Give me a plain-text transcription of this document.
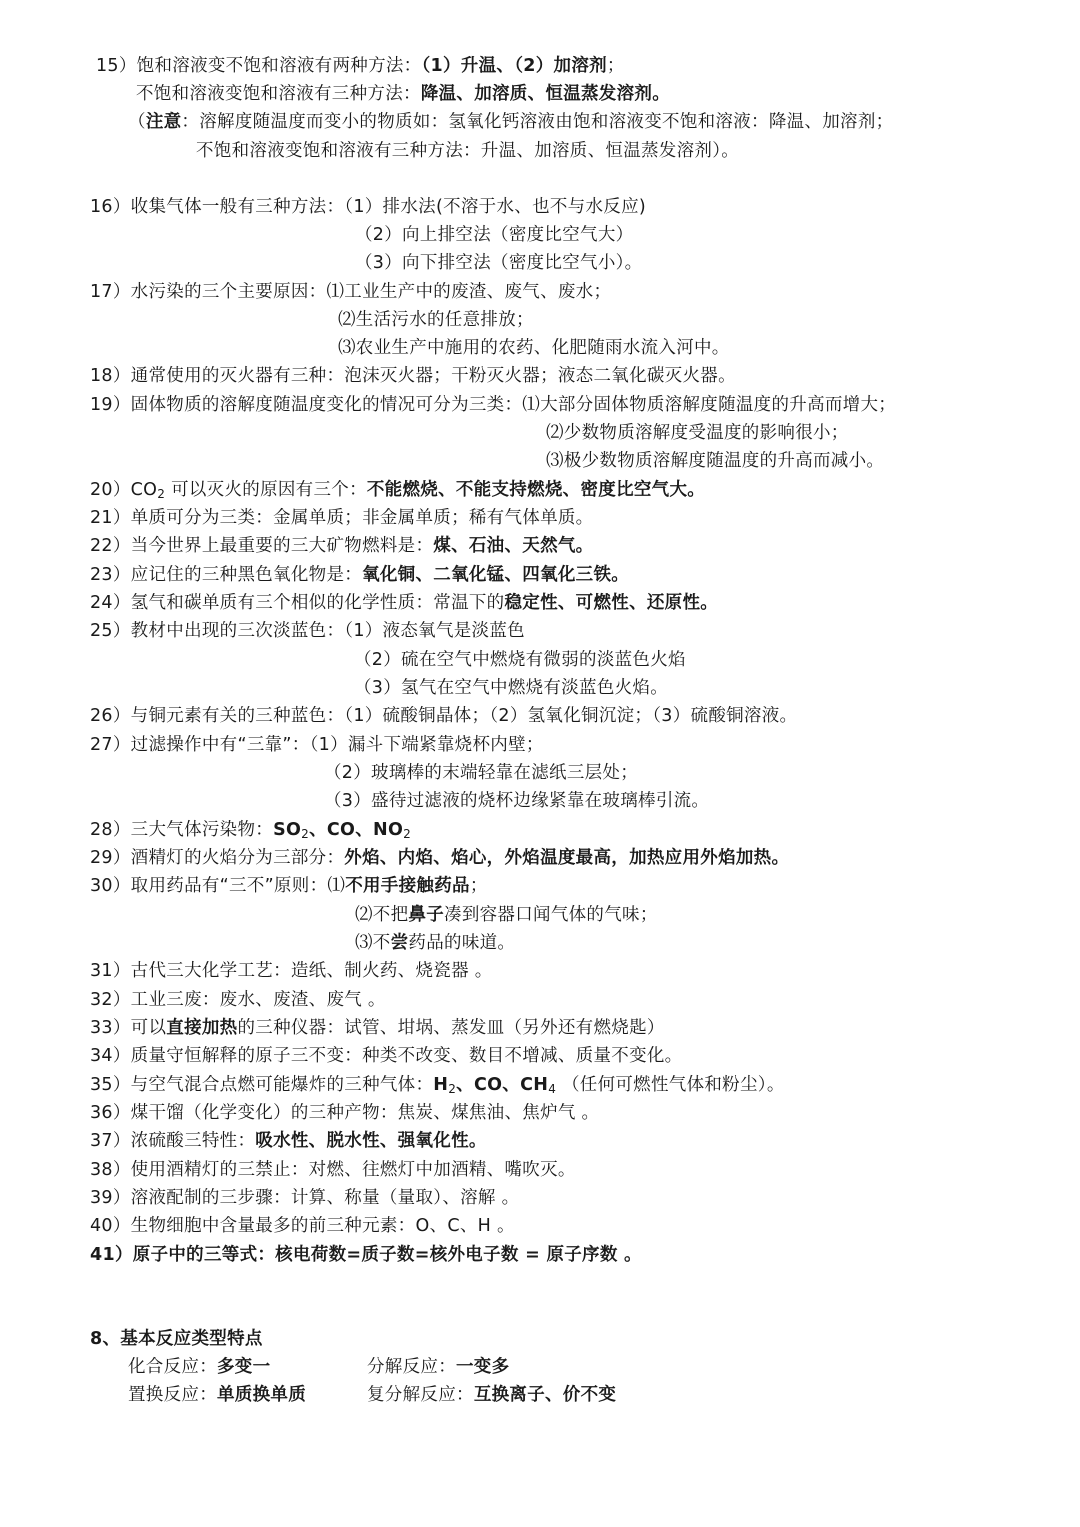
15）饱和溶液变不饱和溶液有两种方法：（1）升温、（2）加溶剂；
不饱和溶液变饱和溶液有三种方法：降温、加溶质、恒温蒸发溶剂。
（注意：溶解度随温度而变小的物质如：氢氧化钙溶液由饱和溶液变不饱和溶液：降温、加溶剂；
不饱和溶液变饱和溶液有三种方法：升温、加溶质、恒温蒸发溶剂）。
16）收集气体一般有三种方法：（1）排水法(不溶于水、也不与水反应)
（2）向上排空法（密度比空气大）
（3）向下排空法（密度比空气小）。
17）水污染的三个主要原因：⑴工业生产中的废渣、废气、废水；
⑵生活污水的任意排放；
⑶农业生产中施用的农药、化肥随雨水流入河中。
18）通常使用的灭火器有三种：泡沫灭火器；干粉灭火器；液态二氧化碳灭火器。
19）固体物质的溶解度随温度变化的情况可分为三类：⑴大部分固体物质溶解度随温度的升高而增大；
⑵少数物质溶解度受温度的影响很小；
⑶极少数物质溶解度随温度的升高而减小。
$20)CO_2$ 可以灭火的原因有三个：不能燃烧、不能支持燃烧、密度比空气大。
21）单质可分为三类：金属单质；非金属单质；稀有气体单质。
22）当今世界上最重要的三大矿物燃料是：煤、石油、天然气。
23）应记住的三种黑色氧化物是：氧化铜、二氧化锰、四氧化三铁。
24）氢气和碳单质有三个相似的化学性质：常温下的稳定性、可燃性、还原性。
25）教材中出现的三次淡蓝色：（1）液态氧气是淡蓝色
（2）硫在空气中燃烧有微弱的淡蓝色火焰
（3）氢气在空气中燃烧有淡蓝色火焰。
26）与铜元素有关的三种蓝色：（1）硫酸铜晶体；（2）氢氧化铜沉淀；（3）硫酸铜溶液。
27）过滤操作中有“三靠”：（1）漏斗下端紧靠烧杯内壁；
（2）玻璃棒的末端轻靠在滤纸三层处；
（3）盛待过滤液的烧杯边缘紧靠在玻璃棒引流。
28）三大气体污染物：$SO_2$、CO、$NO_2$
29）酒精灯的火焰分为三部分：外焰、内焰、焰心，外焰温度最高，加热应用外焰加热。
30）取用药品有“三不”原则：⑴不用手接触药品；
⑵不把鼻子凑到容器口闻气体的气味；
⑶不尝药品的味道。
31）古代三大化学工艺：造纸、制火药、烧瓷器 。
32）工业三废：废水、废渣、废气 。
33）可以直接加热的三种仪器：试管、坩埚、蒸发皿（另外还有燃烧匙）
34）质量守恒解释的原子三不变：种类不改变、数目不增减、质量不变化。
35）与空气混合点燃可能爆炸的三种气体：$H_2$、CO、$CH_4$ （任何可燃性气体和粉尘）。
36）煤干馏（化学变化）的三种产物：焦炭、煤焦油、焦炉气 。
37）浓硫酸三特性：吸水性、脱水性、强氧化性。
38）使用酒精灯的三禁止：对燃、往燃灯中加酒精、嘴吹灭。
39）溶液配制的三步骤：计算、称量（量取）、溶解 。
40）生物细胞中含量最多的前三种元素：O、C、H 。
41）原子中的三等式：核电荷数=质子数=核外电子数 = 原子序数 。
8、基本反应类型特点
化合反应：多变一	分解反应：一变多
置换反应：单质换单质	复分解反应：互换离子、价不变
